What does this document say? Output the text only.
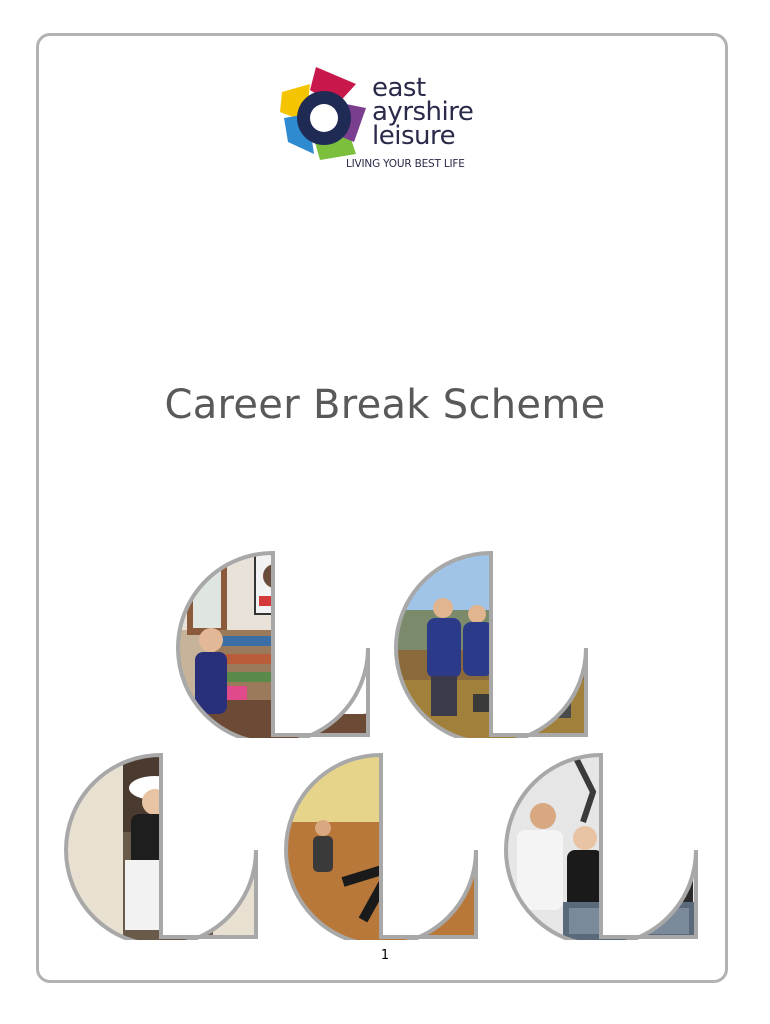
east
ayrshire
leisure
LIVING YOUR BEST LIFE
Career Break Scheme
1
